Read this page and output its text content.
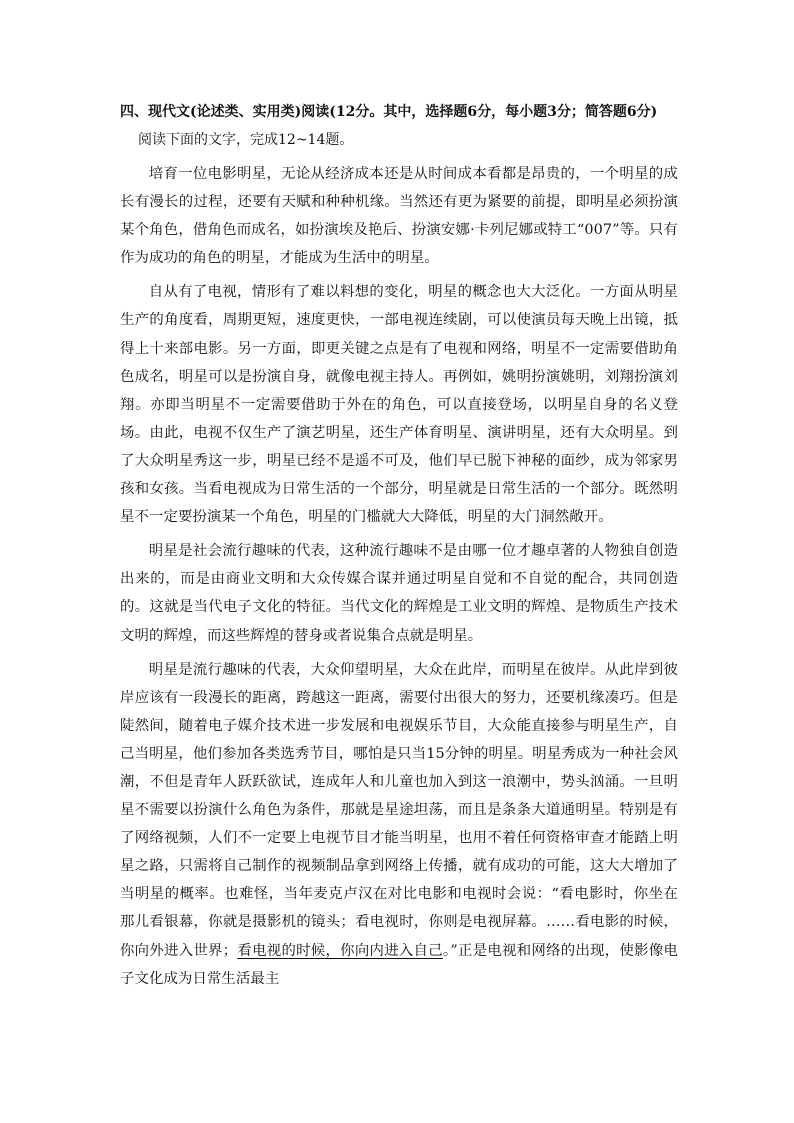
四、现代文(论述类、实用类)阅读(12分。其中，选择题6分，每小题3分；简答题6分)
阅读下面的文字，完成12~14题。

培育一位电影明星，无论从经济成本还是从时间成本看都是昂贵的，一个明星的成长有漫长的过程，还要有天赋和种种机缘。当然还有更为紧要的前提，即明星必须扮演某个角色，借角色而成名，如扮演埃及艳后、扮演安娜·卡列尼娜或特工“007”等。只有作为成功的角色的明星，才能成为生活中的明星。

自从有了电视，情形有了难以料想的变化，明星的概念也大大泛化。一方面从明星生产的角度看，周期更短，速度更快，一部电视连续剧，可以使演员每天晚上出镜，抵得上十来部电影。另一方面，即更关键之点是有了电视和网络，明星不一定需要借助角色成名，明星可以是扮演自身，就像电视主持人。再例如，姚明扮演姚明，刘翔扮演刘翔。亦即当明星不一定需要借助于外在的角色，可以直接登场，以明星自身的名义登场。由此，电视不仅生产了演艺明星，还生产体育明星、演讲明星，还有大众明星。到了大众明星秀这一步，明星已经不是遥不可及，他们早已脱下神秘的面纱，成为邻家男孩和女孩。当看电视成为日常生活的一个部分，明星就是日常生活的一个部分。既然明星不一定要扮演某一个角色，明星的门槛就大大降低，明星的大门洞然敞开。

明星是社会流行趣味的代表，这种流行趣味不是由哪一位才趣卓著的人物独自创造出来的，而是由商业文明和大众传媒合谋并通过明星自觉和不自觉的配合，共同创造的。这就是当代电子文化的特征。当代文化的辉煌是工业文明的辉煌、是物质生产技术文明的辉煌，而这些辉煌的替身或者说集合点就是明星。

明星是流行趣味的代表，大众仰望明星，大众在此岸，而明星在彼岸。从此岸到彼岸应该有一段漫长的距离，跨越这一距离，需要付出很大的努力，还要机缘凑巧。但是陡然间，随着电子媒介技术进一步发展和电视娱乐节目，大众能直接参与明星生产，自己当明星，他们参加各类选秀节目，哪怕是只当15分钟的明星。明星秀成为一种社会风潮，不但是青年人跃跃欲试，连成年人和儿童也加入到这一浪潮中，势头汹涌。一旦明星不需要以扮演什么角色为条件，那就是星途坦荡，而且是条条大道通明星。特别是有了网络视频，人们不一定要上电视节目才能当明星，也用不着任何资格审查才能踏上明星之路，只需将自己制作的视频制品拿到网络上传播，就有成功的可能，这大大增加了当明星的概率。也难怪，当年麦克卢汉在对比电影和电视时会说：“看电影时，你坐在那儿看银幕，你就是摄影机的镜头；看电视时，你则是电视屏幕。……看电影的时候，你向外进入世界；看电视的时候，你向内进入自己。”正是电视和网络的出现，使影像电子文化成为日常生活最主
